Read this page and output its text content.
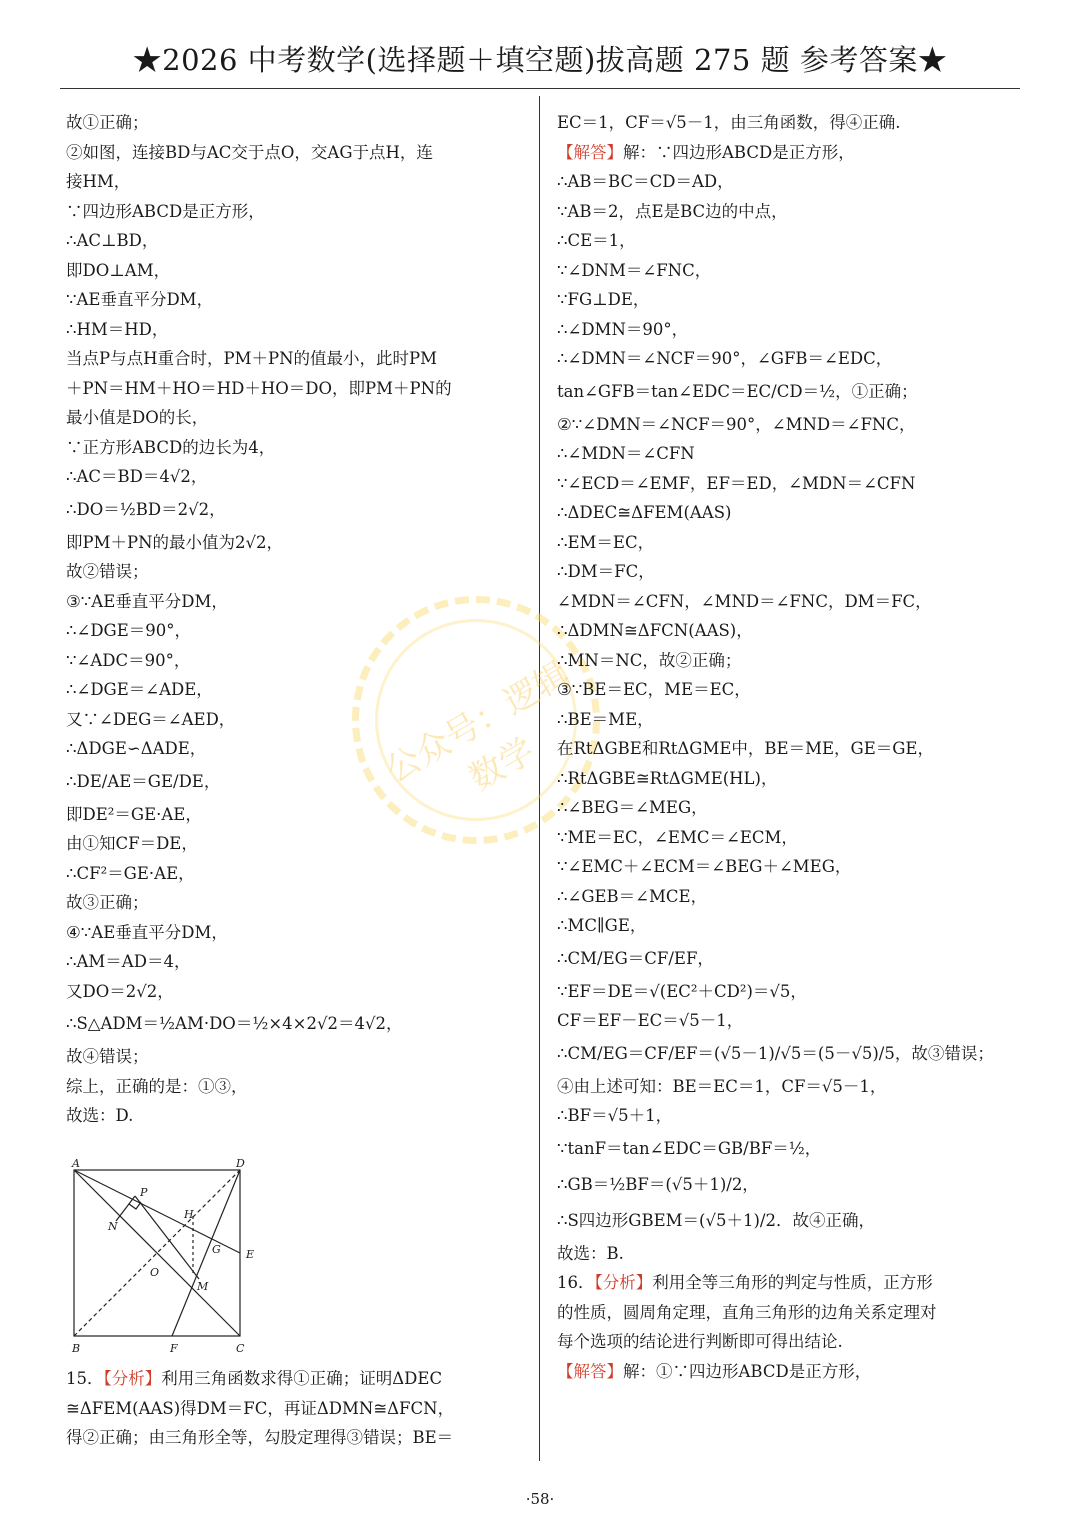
★2026 中考数学(选择题＋填空题)拔高题 275 题 参考答案★
公众号：逻辑数学
故①正确；
②如图，连接BD与AC交于点O，交AG于点H，连
接HM，
∵四边形ABCD是正方形，
∴AC⊥BD，
即DO⊥AM，
∵AE垂直平分DM，
∴HM＝HD，
当点P与点H重合时，PM＋PN的值最小，此时PM
＋PN＝HM＋HO＝HD＋HO＝DO，即PM＋PN的
最小值是DO的长，
∵正方形ABCD的边长为4，
∴AC＝BD＝4√2，
∴DO＝½BD＝2√2，
即PM＋PN的最小值为2√2，
故②错误；
③∵AE垂直平分DM，
∴∠DGE＝90°，
∵∠ADC＝90°，
∴∠DGE＝∠ADE，
又∵∠DEG＝∠AED，
∴ΔDGE∽ΔADE，
∴DE/AE＝GE/DE，
即DE²＝GE·AE，
由①知CF＝DE，
∴CF²＝GE·AE，
故③正确；
④∵AE垂直平分DM，
∴AM＝AD＝4，
又DO＝2√2，
∴S△ADM＝½AM·DO＝½×4×2√2＝4√2，
故④错误；
综上，正确的是：①③，
故选：D.
A	D
P
N
H
G E
O
M
B	F	C
15．【分析】利用三角函数求得①正确；证明ΔDEC
≅ΔFEM(AAS)得DM＝FC，再证ΔDMN≅ΔFCN，
得②正确；由三角形全等，勾股定理得③错误；BE＝
EC＝1，CF＝√5－1，由三角函数，得④正确.
【解答】解：∵四边形ABCD是正方形，
∴AB＝BC＝CD＝AD，
∵AB＝2，点E是BC边的中点，
∴CE＝1，
∵∠DNM＝∠FNC，
∵FG⊥DE，
∴∠DMN＝90°，
∴∠DMN＝∠NCF＝90°，∠GFB＝∠EDC，
tan∠GFB＝tan∠EDC＝EC/CD＝½，①正确；
②∵∠DMN＝∠NCF＝90°，∠MND＝∠FNC，
∴∠MDN＝∠CFN
∵∠ECD＝∠EMF，EF＝ED，∠MDN＝∠CFN
∴ΔDEC≅ΔFEM(AAS)
∴EM＝EC，
∴DM＝FC，
∠MDN＝∠CFN，∠MND＝∠FNC，DM＝FC，
∴ΔDMN≅ΔFCN(AAS)，
∴MN＝NC，故②正确；
③∵BE＝EC，ME＝EC，
∴BE＝ME，
在RtΔGBE和RtΔGME中，BE＝ME，GE＝GE，
∴RtΔGBE≅RtΔGME(HL)，
∴∠BEG＝∠MEG，
∵ME＝EC，∠EMC＝∠ECM，
∵∠EMC＋∠ECM＝∠BEG＋∠MEG，
∴∠GEB＝∠MCE，
∴MC∥GE，
∴CM/EG＝CF/EF，
∵EF＝DE＝√(EC²＋CD²)＝√5，
CF＝EF－EC＝√5－1，
∴CM/EG＝CF/EF＝(√5－1)/√5＝(5－√5)/5，故③错误；
④由上述可知：BE＝EC＝1，CF＝√5－1，
∴BF＝√5＋1，
∵tanF＝tan∠EDC＝GB/BF＝½，
∴GB＝½BF＝(√5＋1)/2，
∴S四边形GBEM＝(√5＋1)/2．故④正确，
故选：B.
16．【分析】利用全等三角形的判定与性质，正方形
的性质，圆周角定理，直角三角形的边角关系定理对
每个选项的结论进行判断即可得出结论.
【解答】解：①∵四边形ABCD是正方形，
·58·
